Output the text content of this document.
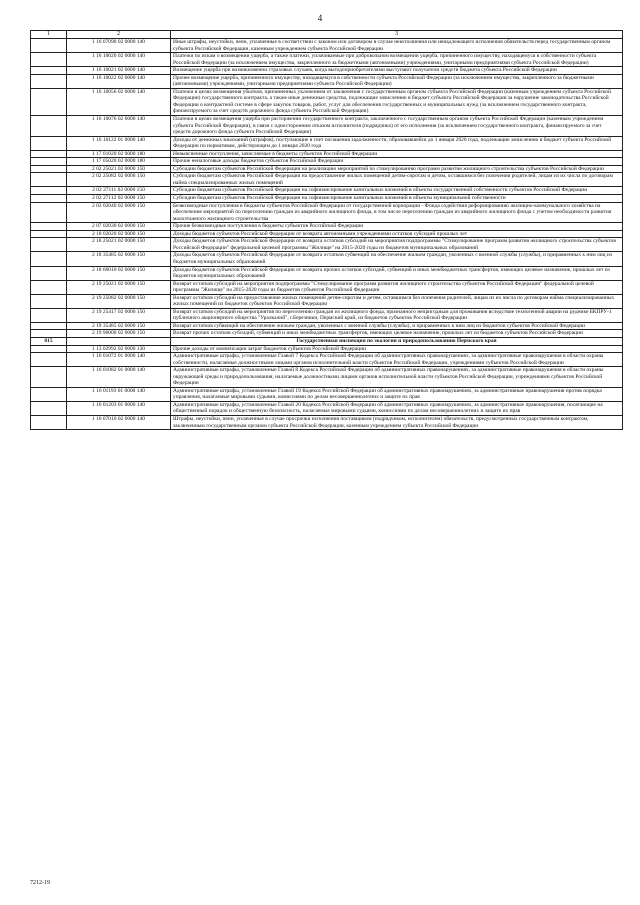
4
1	2	3
	1 16 07090 02 0000 140	Иные штрафы, неустойки, пени, уплаченные в соответствии с законом или договором в случае неисполнения или ненадлежащего исполнения обязательств перед государственным органом субъекта Российской Федерации, казенным учреждением субъекта Российской Федерации
	1 16 10020 02 0000 140	Платежи по искам о возмещении ущерба, а также платежи, уплачиваемые при добровольном возмещении ущерба, причиненного имуществу, находящемуся в собственности субъекта Российской Федерации (за исключением имущества, закрепленного за бюджетными (автономными) учреждениями, унитарными предприятиями субъекта Российской Федерации)
	1 16 10021 02 0000 140	Возмещение ущерба при возникновении страховых случаев, когда выгодоприобретателями выступают получатели средств бюджета субъекта Российской Федерации
	1 16 10022 02 0000 140	Прочее возмещение ущерба, причиненного имуществу, находящемуся в собственности субъекта Российской Федерации (за исключением имущества, закрепленного за бюджетными (автономными) учреждениями, унитарными предприятиями субъекта Российской Федерации)
	1 16 10056 02 0000 140	Платежи в целях возмещения убытков, причиненных уклонением от заключения с государственным органом субъекта Российской Федерации (казенным учреждением субъекта Российской Федерации) государственного контракта, а также иные денежные средства, подлежащие зачислению в бюджет субъекта Российской Федерации за нарушение законодательства Российской Федерации о контрактной системе в сфере закупок товаров, работ, услуг для обеспечения государственных и муниципальных нужд (за исключением государственного контракта, финансируемого за счет средств дорожного фонда субъекта Российской Федерации)
	1 16 10076 02 0000 140	Платежи в целях возмещения ущерба при расторжении государственного контракта, заключенного с государственным органом субъекта Российской Федерации (казенным учреждением субъекта Российской Федерации), в связи с односторонним отказом исполнителя (подрядчика) от его исполнения (за исключением государственного контракта, финансируемого за счет средств дорожного фонда субъекта Российской Федерации)
	1 16 10122 01 0000 140	Доходы от денежных взысканий (штрафов), поступающие в счет погашения задолженности, образовавшейся до 1 января 2020 года, подлежащие зачислению в бюджет субъекта Российской Федерации по нормативам, действующим до 1 января 2020 года
	1 17 01020 02 0000 180	Невыясненные поступления, зачисляемые в бюджеты субъектов Российской Федерации
	1 17 05020 02 0000 180	Прочие неналоговые доходы бюджетов субъектов Российской Федерации
	2 02 25021 02 0000 150	Субсидии бюджетам субъектов Российской Федерации на реализацию мероприятий по стимулированию программ развития жилищного строительства субъектов Российской Федерации
	2 02 25082 02 0000 150	Субсидии бюджетам субъектов Российской Федерации на предоставление жилых помещений детям-сиротам и детям, оставшимся без попечения родителей, лицам из их числа по договорам найма специализированных жилых помещений
	2 02 27111 02 0000 150	Субсидии бюджетам субъектов Российской Федерации на софинансирование капитальных вложений в объекты государственной собственности субъектов Российской Федерации
	2 02 27112 02 0000 150	Субсидии бюджетам субъектов Российской Федерации на софинансирование капитальных вложений в объекты муниципальной собственности
	2 03 02040 02 0000 150	Безвозмездные поступления в бюджеты субъектов Российской Федерации от государственной корпорации - Фонда содействия реформированию жилищно-коммунального хозяйства на обеспечение мероприятий по переселению граждан из аварийного жилищного фонда, в том числе переселению граждан из аварийного жилищного фонда с учетом необходимости развития малоэтажного жилищного строительства
	2 07 02030 02 0000 150	Прочие безвозмездные поступления в бюджеты субъектов Российской Федерации
	2 18 02020 02 0000 150	Доходы бюджетов субъектов Российской Федерации от возврата автономными учреждениями остатков субсидий прошлых лет
	2 18 25021 02 0000 150	Доходы бюджетов субъектов Российской Федерации от возврата остатков субсидий на мероприятия подпрограммы "Стимулирование программ развития жилищного строительства субъектов Российской Федерации" федеральной целевой программы "Жилище" на 2015-2020 годы из бюджетов муниципальных образований
	2 18 35485 02 0000 150	Доходы бюджетов субъектов Российской Федерации от возврата остатков субвенций на обеспечение жильем граждан, уволенных с военной службы (службы), и приравненных к ним лиц из бюджетов муниципальных образований
	2 18 60010 02 0000 150	Доходы бюджетов субъектов Российской Федерации от возврата прочих остатков субсидий, субвенций и иных межбюджетных трансфертов, имеющих целевое назначение, прошлых лет из бюджетов муниципальных образований
	2 19 25021 02 0000 150	Возврат остатков субсидий на мероприятия подпрограммы "Стимулирование программ развития жилищного строительства субъектов Российской Федерации" федеральной целевой программы "Жилище" на 2015-2020 годы из бюджетов субъектов Российской Федерации
	2 19 25082 02 0000 150	Возврат остатков субсидий на предоставление жилых помещений детям-сиротам и детям, оставшимся без попечения родителей, лицам из их числа по договорам найма специализированных жилых помещений из бюджетов субъектов Российской Федерации
	2 19 25417 02 0000 150	Возврат остатков субсидий на мероприятия по переселению граждан из жилищного фонда, признанного непригодным для проживания вследствие техногенной аварии на руднике БКПРУ-1 публичного акционерного общества "Уралкалий", г.Березники, Пермский край, из бюджетов субъектов Российской Федерации
	2 19 35485 02 0000 150	Возврат остатков субвенций на обеспечение жильем граждан, уволенных с военной службы (службы), и приравненных к ним лиц из бюджетов субъектов Российской Федерации
	2 19 90000 02 0000 150	Возврат прочих остатков субсидий, субвенций и иных межбюджетных трансфертов, имеющих целевое назначение, прошлых лет из бюджетов субъектов Российской Федерации
815		Государственная инспекция по экологии и природопользованию Пермского края
	1 13 02992 02 0000 130	Прочие доходы от компенсации затрат бюджетов субъектов Российской Федерации
	1 16 01072 01 0000 140	Административные штрафы, установленные Главой 7 Кодекса Российской Федерации об административных правонарушениях, за административные правонарушения в области охраны собственности, налагаемые должностными лицами органов исполнительной власти субъектов Российской Федерации, учреждениями субъектов Российской Федерации
	1 16 01082 01 0000 140	Административные штрафы, установленные Главой 8 Кодекса Российской Федерации об административных правонарушениях, за административные правонарушения в области охраны окружающей среды и природопользования, налагаемые должностными лицами органов исполнительной власти субъектов Российской Федерации, учреждениями субъектов Российской Федерации
	1 16 01193 01 0000 140	Административные штрафы, установленные Главой 19 Кодекса Российской Федерации об административных правонарушениях, за административные правонарушения против порядка управления, налагаемые мировыми судьями, комиссиями по делам несовершеннолетних и защите их прав
	1 16 01203 01 0000 140	Административные штрафы, установленные Главой 20 Кодекса Российской Федерации об административных правонарушениях, за административные правонарушения, посягающие на общественный порядок и общественную безопасность, налагаемые мировыми судьями, комиссиями по делам несовершеннолетних и защите их прав
	1 16 07010 02 0000 140	Штрафы, неустойки, пени, уплаченные в случае просрочки исполнения поставщиком (подрядчиком, исполнителем) обязательств, предусмотренных государственным контрактом, заключенным государственным органом субъекта Российской Федерации, казенным учреждением субъекта Российской Федерации
7212-19
